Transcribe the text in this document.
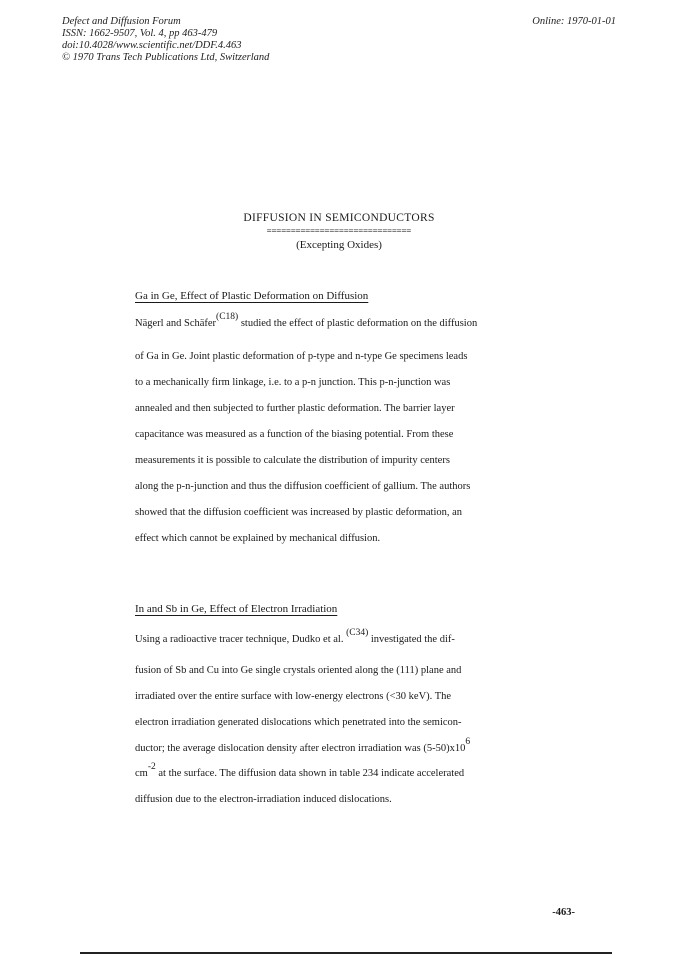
Defect and Diffusion Forum
ISSN: 1662-9507, Vol. 4, pp 463-479
doi:10.4028/www.scientific.net/DDF.4.463
© 1970 Trans Tech Publications Ltd, Switzerland
Online: 1970-01-01
DIFFUSION IN SEMICONDUCTORS
==============================
(Excepting Oxides)
Ga in Ge, Effect of Plastic Deformation on Diffusion
Nägerl and Schäfer$^{(C18)}$ studied the effect of plastic deformation on the diffusion
of Ga in Ge. Joint plastic deformation of p-type and n-type Ge specimens leads
to a mechanically firm linkage, i.e. to a p-n junction. This p-n-junction was
annealed and then subjected to further plastic deformation. The barrier layer
capacitance was measured as a function of the biasing potential. From these
measurements it is possible to calculate the distribution of impurity centers
along the p-n-junction and thus the diffusion coefficient of gallium. The authors
showed that the diffusion coefficient was increased by plastic deformation, an
effect which cannot be explained by mechanical diffusion.
In and Sb in Ge, Effect of Electron Irradiation
Using a radioactive tracer technique, Dudko et al. $^{(C34)}$ investigated the dif-
fusion of Sb and Cu into Ge single crystals oriented along the (111) plane and
irradiated over the entire surface with low-energy electrons (<30 keV). The
electron irradiation generated dislocations which penetrated into the semicon-
ductor; the average dislocation density after electron irradiation was $(5-50)x10^6$
$cm^{-2}$ at the surface. The diffusion data shown in table 234 indicate accelerated
diffusion due to the electron-irradiation induced dislocations.
-463-
